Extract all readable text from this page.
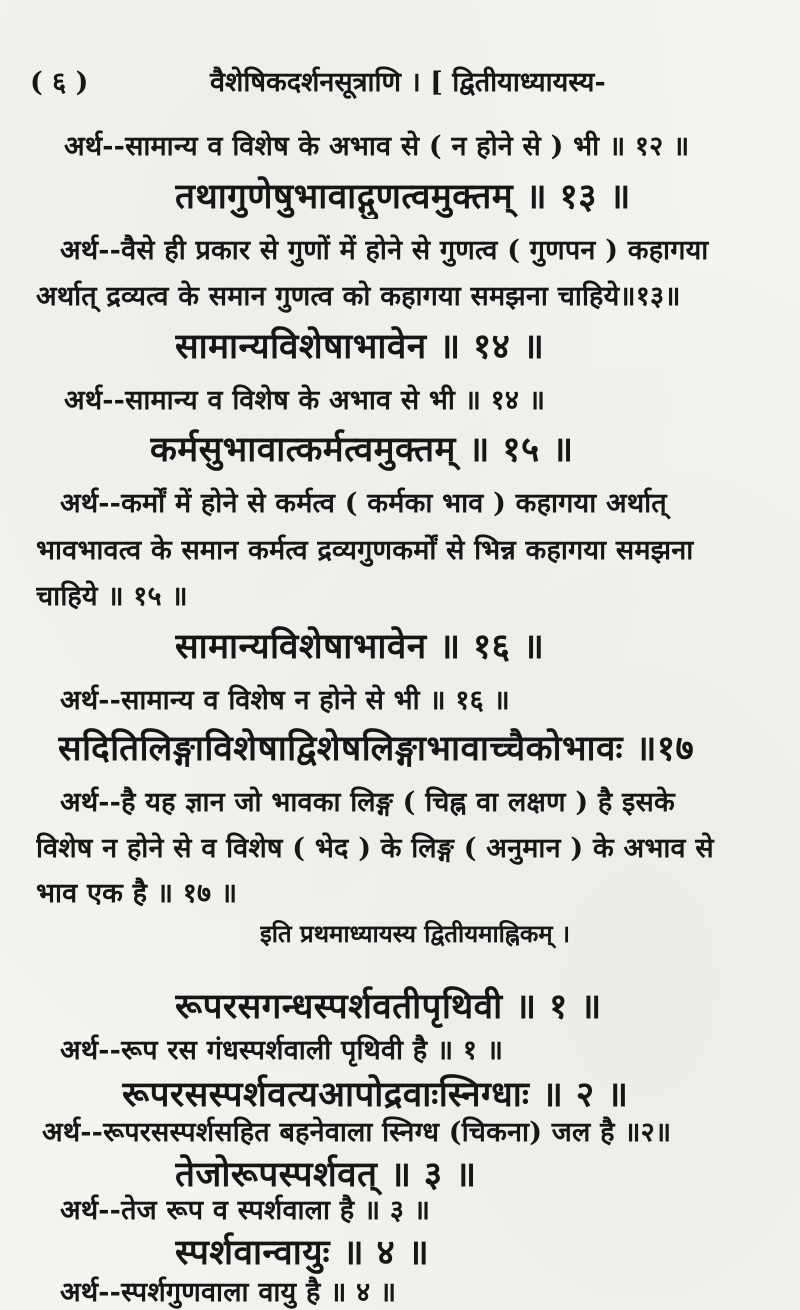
( ६ )	वैशेषिकदर्शनसूत्राणि । [ द्वितीयाध्यायस्य-
अर्थ--सामान्य व विशेष के अभाव से ( न होने से ) भी ॥ १२ ॥
तथागुणेषुभावाद्गुणत्वमुक्तम् ॥ १३ ॥
अर्थ--वैसे ही प्रकार से गुणों में होने से गुणत्व ( गुणपन ) कहागया
अर्थात् द्रव्यत्व के समान गुणत्व को कहागया समझना चाहिये॥१३॥
सामान्यविशेषाभावेन ॥ १४ ॥
अर्थ--सामान्य व विशेष के अभाव से भी ॥ १४ ॥
कर्मसुभावात्कर्मत्वमुक्तम् ॥ १५ ॥
अर्थ--कर्मों में होने से कर्मत्व ( कर्मका भाव ) कहागया अर्थात्
भावभावत्व के समान कर्मत्व द्रव्यगुणकर्मों से भिन्न कहागया समझना
चाहिये ॥ १५ ॥
सामान्यविशेषाभावेन ॥ १६ ॥
अर्थ--सामान्य व विशेष न होने से भी ॥ १६ ॥
सदितिलिङ्गाविशेषाद्विशेषलिङ्गाभावाच्चैकोभावः ॥१७
अर्थ--है यह ज्ञान जो भावका लिङ्ग ( चिह्न वा लक्षण ) है इसके
विशेष न होने से व विशेष ( भेद ) के लिङ्ग ( अनुमान ) के अभाव से
भाव एक है ॥ १७ ॥
इति प्रथमाध्यायस्य द्वितीयमाह्निकम् ।
रूपरसगन्धस्पर्शवतीपृथिवी ॥ १ ॥
अर्थ--रूप रस गंधस्पर्शवाली पृथिवी है ॥ १ ॥
रूपरसस्पर्शवत्यआपोद्रवाःस्निग्धाः ॥ २ ॥
अर्थ--रूपरसस्पर्शसहित बहनेवाला स्निग्ध (चिकना) जल है ॥२॥
तेजोरूपस्पर्शवत् ॥ ३ ॥
अर्थ--तेज रूप व स्पर्शवाला है ॥ ३ ॥
स्पर्शवान्वायुः ॥ ४ ॥
अर्थ--स्पर्शगुणवाला वायु है ॥ ४ ॥
